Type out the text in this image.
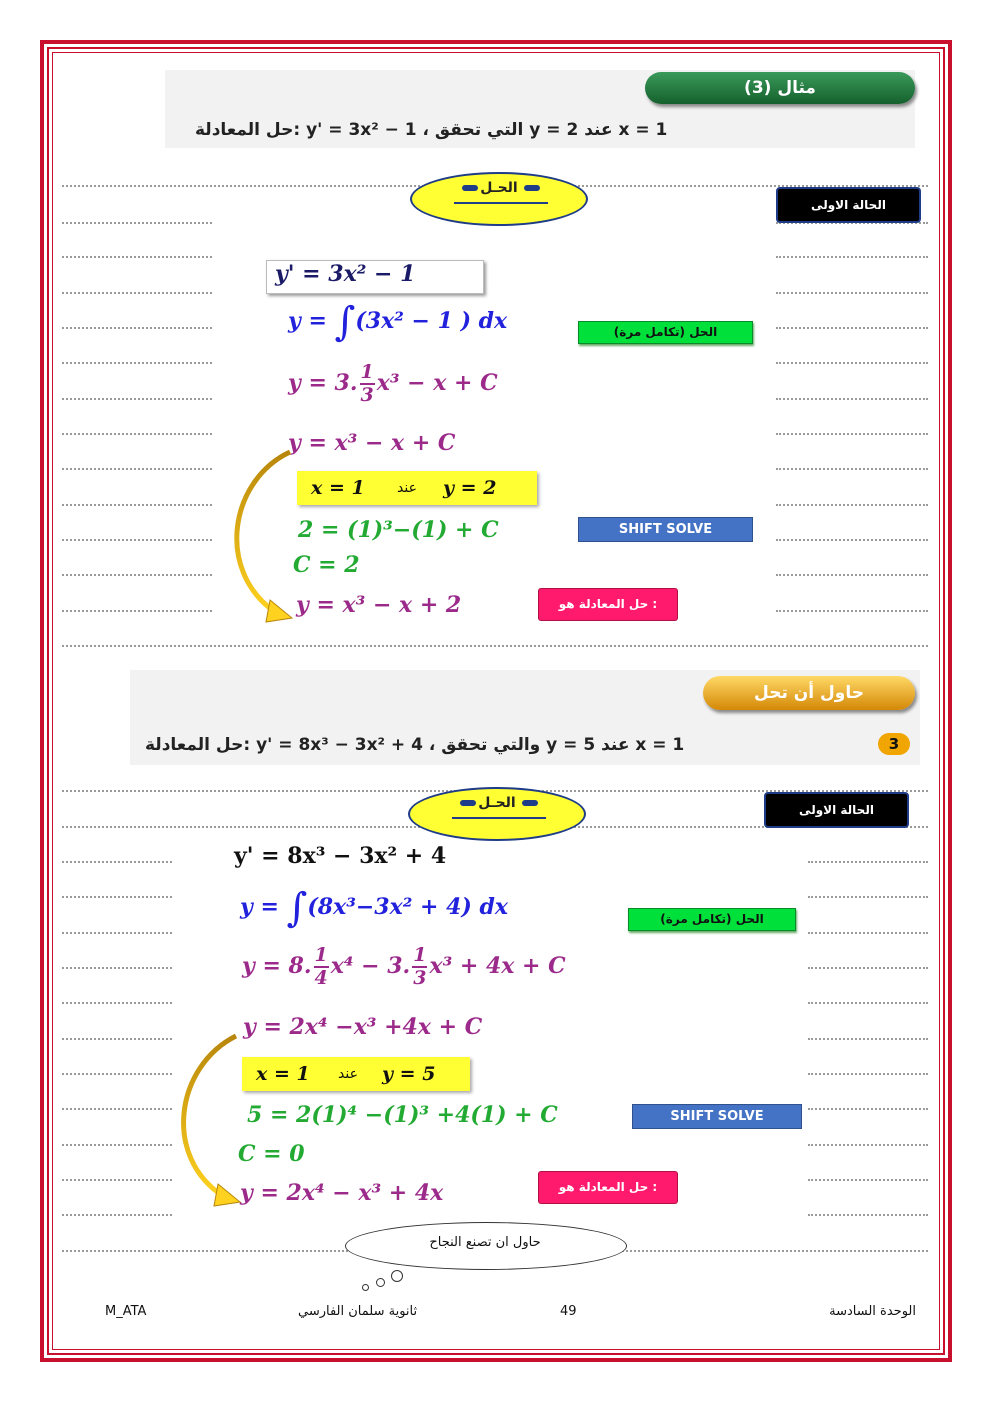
مثال (3)
حل المعادلة: y' = 3x² − 1 ، التي تحقق y = 2 عند x = 1
الحـل
الحالة الاولى
y' = 3x² − 1
y = ∫(3x² − 1 ) dx	الحل (تكامل مرة)
y = 3. $\frac{1}{3} x^3 - x + C$
y = x³ − x + C
x = 1 عند y = 2
2 = (1)³−(1) + C	SHIFT SOLVE
C = 2
y = x³ − x + 2	حل المعادلة هو :
حاول أن تحل
3
حل المعادلة: y' = 8x³ − 3x² + 4 ، والتي تحقق y = 5 عند x = 1
الحـل	الحالة الاولى
y' = 8x³ − 3x² + 4
y = ∫(8x³−3x² + 4) dx	الحل (تكامل مرة)
y = 8. $\frac{1}{4} x^4 - 3$. $\frac{1}{3} x^3 + 4x + C$
y = 2x⁴ −x³ +4x + C
x = 1 عند y = 5
5 = 2(1)⁴ −(1)³ +4(1) + C	SHIFT SOLVE
C = 0
y = 2x⁴ − x³ + 4x	حل المعادلة هو :
حاول ان تصنع النجاح
الوحدة السادسة
49
ثانوية سلمان الفارسي
M_ATA
